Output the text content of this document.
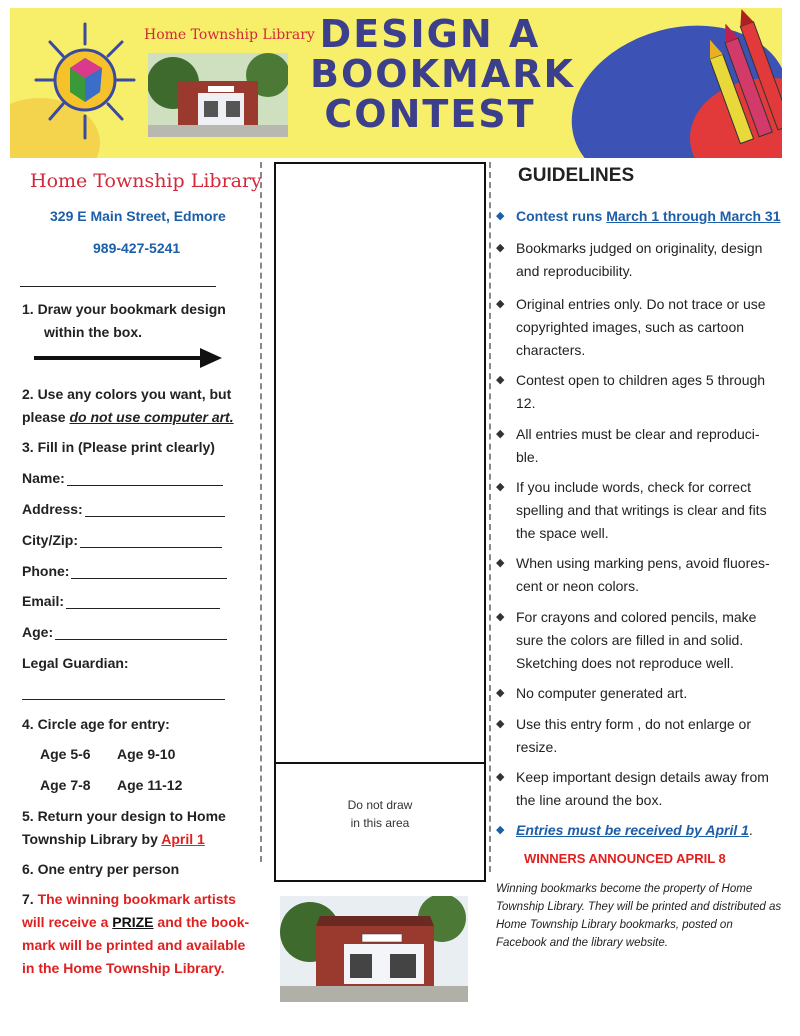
Home Township Library DESIGN A
BOOKMARK
CONTEST
Home Township Library
329 E Main Street, Edmore
989-427-5241
1. Draw your bookmark design
within the box.
2. Use any colors you want, but
please do not use computer art.
3. Fill in (Please print clearly)
Name:
Address:
City/Zip:
Phone:
Email:
Age:
Legal Guardian:
4. Circle age for entry:
Age 5-6 Age 9-10
Age 7-8 Age 11-12
5. Return your design to Home
Township Library by April 1
6. One entry per person
7. The winning bookmark artists
will receive a PRIZE and the book-
mark will be printed and available
in the Home Township Library.
Do not draw
in this area
GUIDELINES
◆ Contest runs March 1 through March 31
◆ Bookmarks judged on originality, design
and reproducibility.
◆ Original entries only. Do not trace or use
copyrighted images, such as cartoon
characters.
◆ Contest open to children ages 5 through
12.
◆ All entries must be clear and reproduci-
ble.
◆ If you include words, check for correct
spelling and that writings is clear and fits
the space well.
◆ When using marking pens, avoid fluores-
cent or neon colors.
◆ For crayons and colored pencils, make
sure the colors are filled in and solid.
Sketching does not reproduce well.
◆ No computer generated art.
◆ Use this entry form , do not enlarge or
resize.
◆ Keep important design details away from
the line around the box.
◆ Entries must be received by April 1.
WINNERS ANNOUNCED APRIL 8
Winning bookmarks become the property of Home Township Library. They will be printed and distributed as Home Township Library bookmarks, posted on Facebook and the library website.
